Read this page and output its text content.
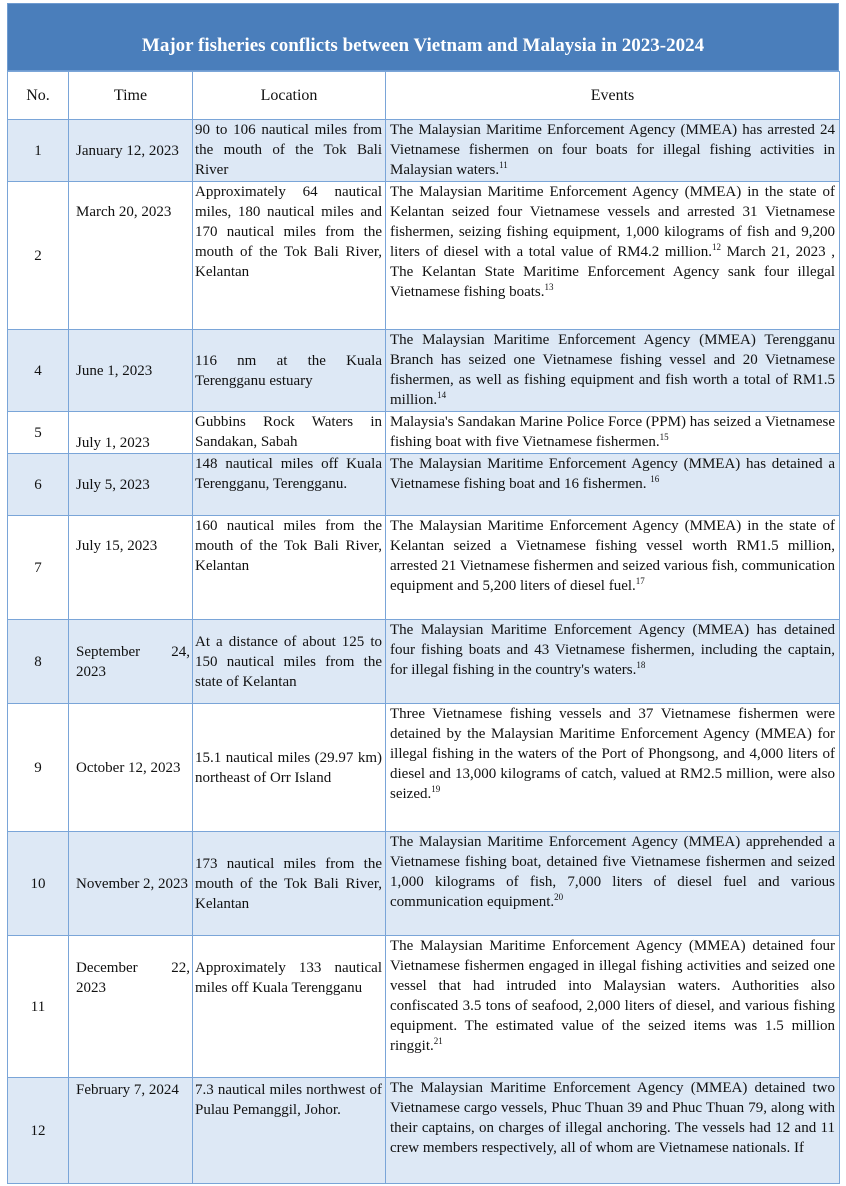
Major fisheries conflicts between Vietnam and Malaysia in 2023-2024
No.	Time	Location	Events
1	January 12, 2023	90 to 106 nautical miles from the mouth of the Tok Bali River	The Malaysian Maritime Enforcement Agency (MMEA) has arrested 24 Vietnamese fishermen on four boats for illegal fishing activities in Malaysian waters.$^{11}$
2	March 20, 2023	Approximately 64 nautical miles, 180 nautical miles and 170 nautical miles from the mouth of the Tok Bali River, Kelantan	The Malaysian Maritime Enforcement Agency (MMEA) in the state of Kelantan seized four Vietnamese vessels and arrested 31 Vietnamese fishermen, seizing fishing equipment, 1,000 kilograms of fish and 9,200 liters of diesel with a total value of RM4.2 million.$^{12}$ March 21, 2023 , The Kelantan State Maritime Enforcement Agency sank four illegal Vietnamese fishing boats.$^{13}$
4	June 1, 2023	116 nm at the Kuala Terengganu estuary	The Malaysian Maritime Enforcement Agency (MMEA) Terengganu Branch has seized one Vietnamese fishing vessel and 20 Vietnamese fishermen, as well as fishing equipment and fish worth a total of RM1.5 million.$^{14}$
5	July 1, 2023	Gubbins Rock Waters in Sandakan, Sabah	Malaysia's Sandakan Marine Police Force (PPM) has seized a Vietnamese fishing boat with five Vietnamese fishermen.$^{15}$
6	July 5, 2023	148 nautical miles off Kuala Terengganu, Terengganu.	The Malaysian Maritime Enforcement Agency (MMEA) has detained a Vietnamese fishing boat and 16 fishermen. $^{16}$
7	July 15, 2023	160 nautical miles from the mouth of the Tok Bali River, Kelantan	The Malaysian Maritime Enforcement Agency (MMEA) in the state of Kelantan seized a Vietnamese fishing vessel worth RM1.5 million, arrested 21 Vietnamese fishermen and seized various fish, communication equipment and 5,200 liters of diesel fuel.$^{17}$
8	September 24, 2023	At a distance of about 125 to 150 nautical miles from the state of Kelantan	The Malaysian Maritime Enforcement Agency (MMEA) has detained four fishing boats and 43 Vietnamese fishermen, including the captain, for illegal fishing in the country's waters.$^{18}$
9	October 12, 2023	15.1 nautical miles (29.97 km) northeast of Orr Island	Three Vietnamese fishing vessels and 37 Vietnamese fishermen were detained by the Malaysian Maritime Enforcement Agency (MMEA) for illegal fishing in the waters of the Port of Phongsong, and 4,000 liters of diesel and 13,000 kilograms of catch, valued at RM2.5 million, were also seized.$^{19}$
10	November 2, 2023	173 nautical miles from the mouth of the Tok Bali River, Kelantan	The Malaysian Maritime Enforcement Agency (MMEA) apprehended a Vietnamese fishing boat, detained five Vietnamese fishermen and seized 1,000 kilograms of fish, 7,000 liters of diesel fuel and various communication equipment.$^{20}$
11	December 22, 2023	Approximately 133 nautical miles off Kuala Terengganu	The Malaysian Maritime Enforcement Agency (MMEA) detained four Vietnamese fishermen engaged in illegal fishing activities and seized one vessel that had intruded into Malaysian waters. Authorities also confiscated 3.5 tons of seafood, 2,000 liters of diesel, and various fishing equipment. The estimated value of the seized items was 1.5 million ringgit.$^{21}$
12	February 7, 2024	7.3 nautical miles northwest of Pulau Pemanggil, Johor.	The Malaysian Maritime Enforcement Agency (MMEA) detained two Vietnamese cargo vessels, Phuc Thuan 39 and Phuc Thuan 79, along with their captains, on charges of illegal anchoring. The vessels had 12 and 11 crew members respectively, all of whom are Vietnamese nationals. If
